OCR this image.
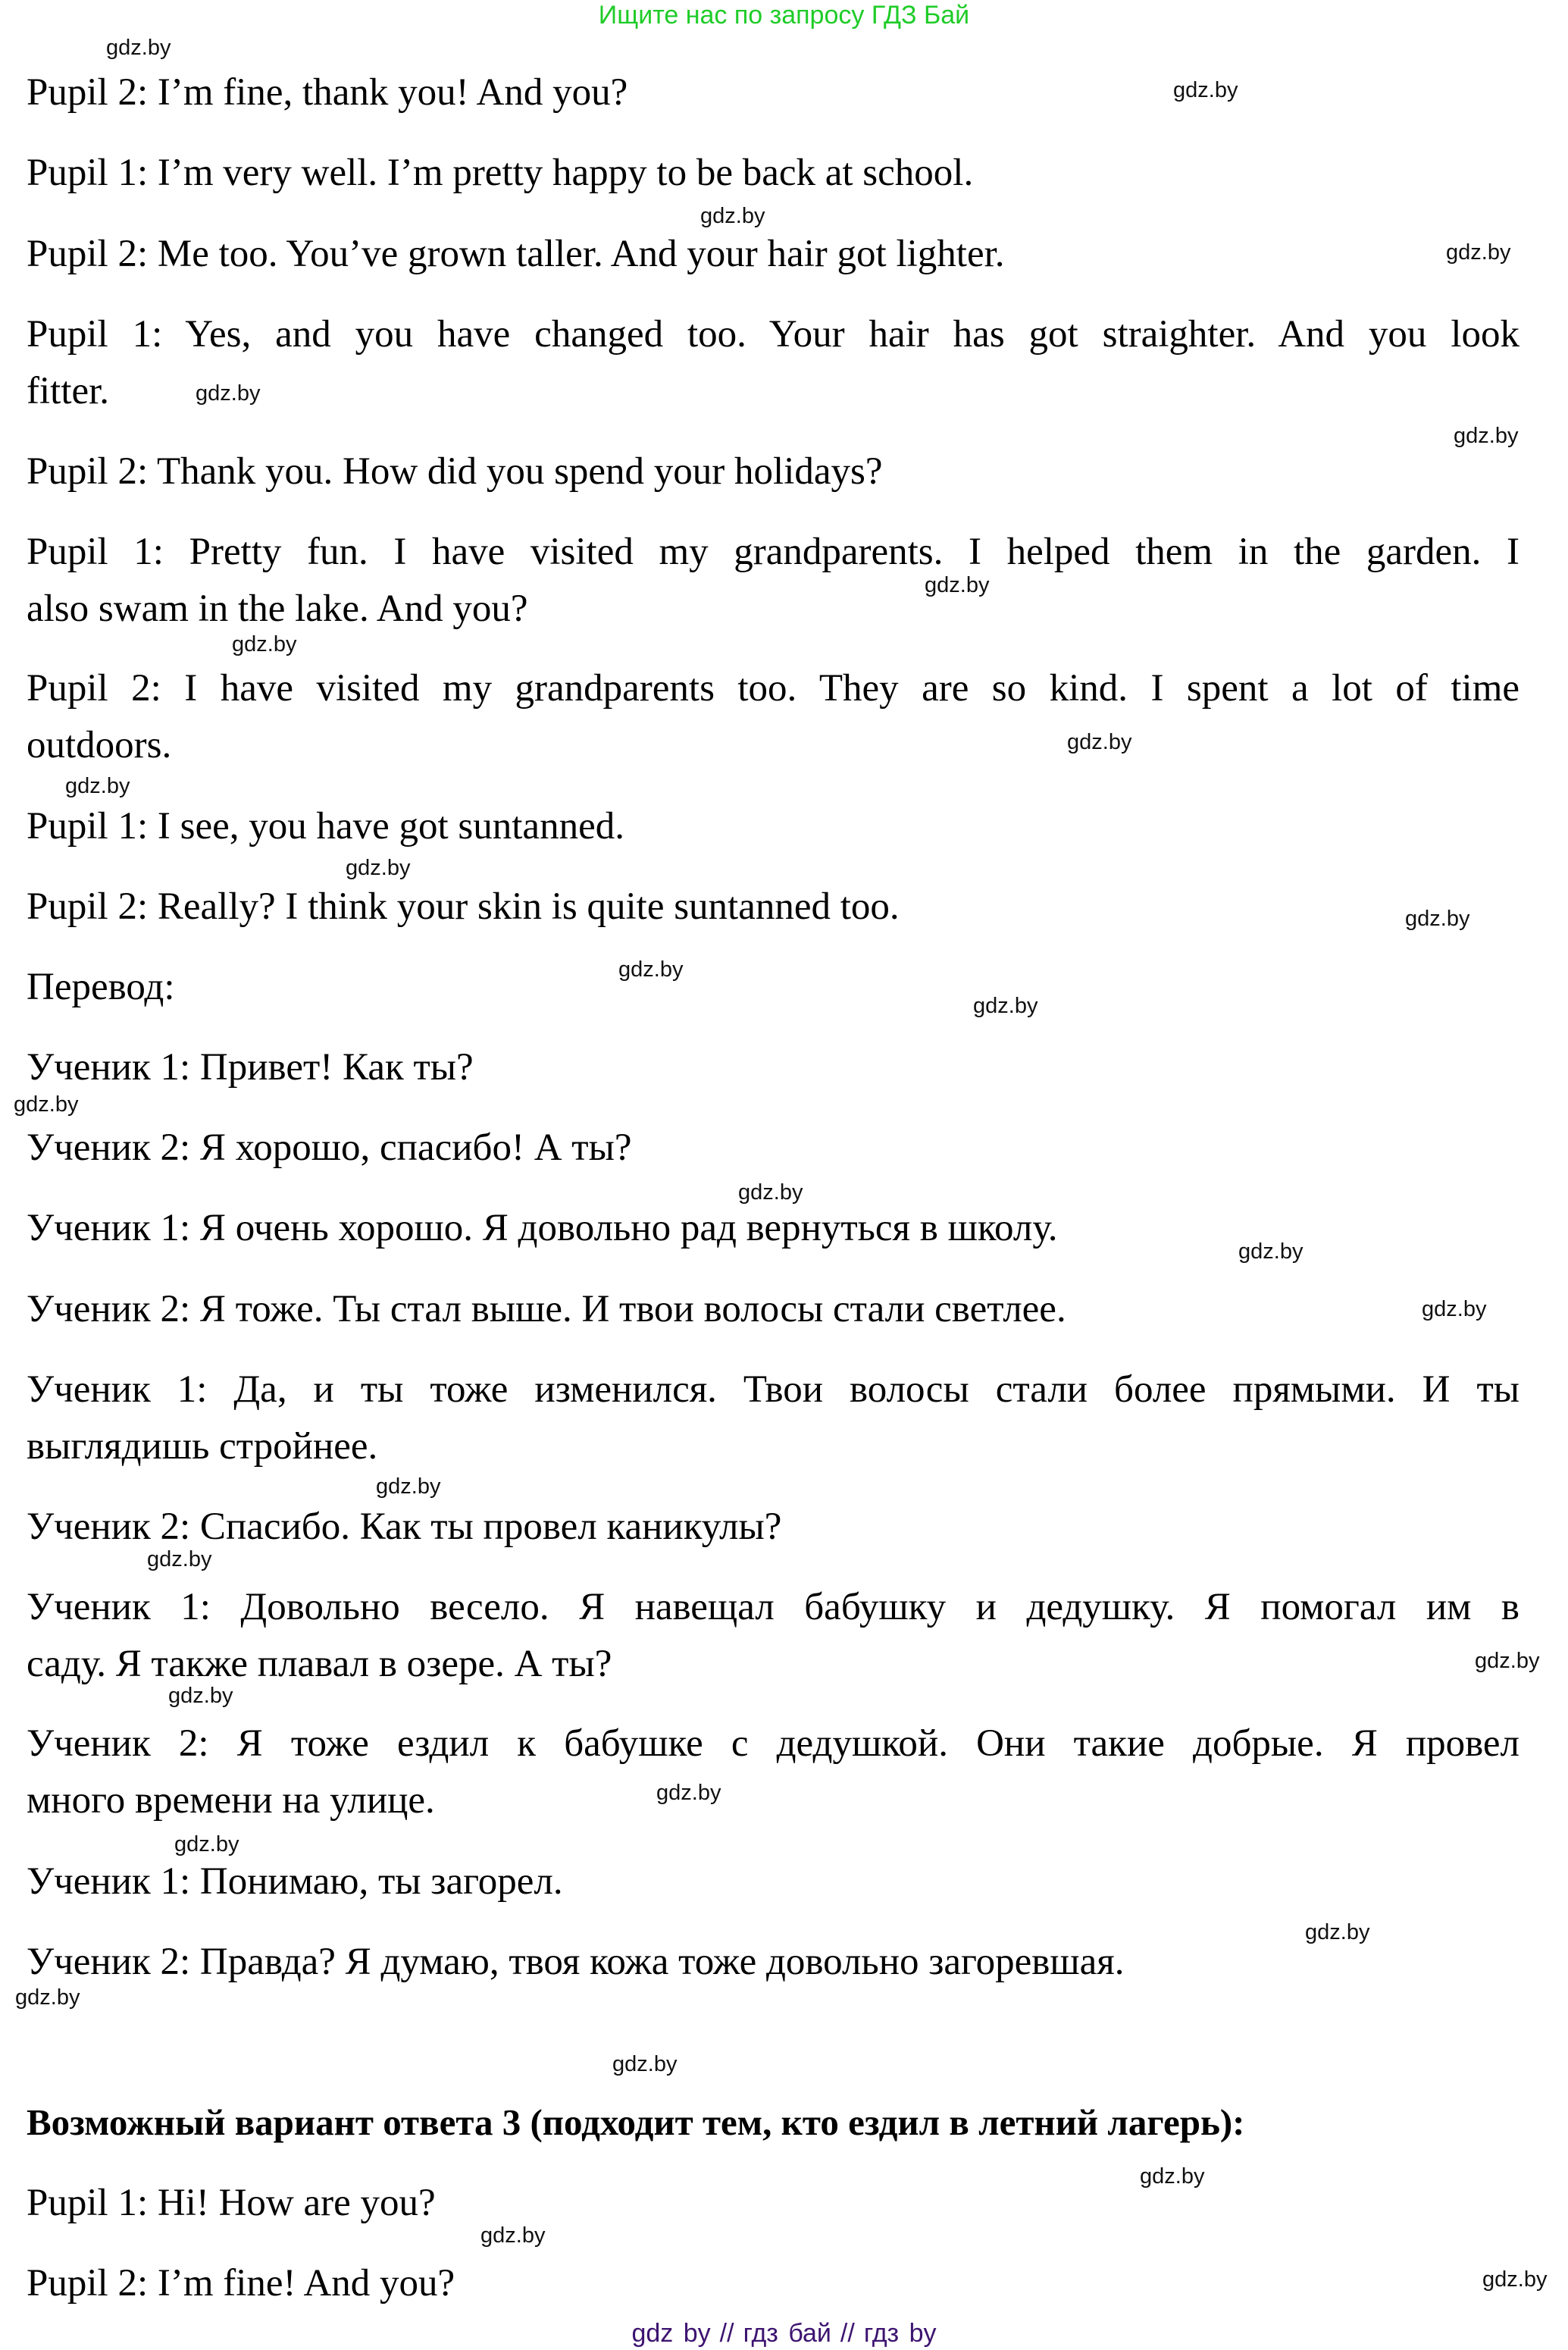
Ищите нас по запросу ГДЗ Бай
Pupil 2: I’m fine, thank you! And you?
Pupil 1: I’m very well. I’m pretty happy to be back at school.
Pupil 2: Me too. You’ve grown taller. And your hair got lighter.
Pupil 1: Yes, and you have changed too. Your hair has got straighter. And you look
fitter.
Pupil 2: Thank you. How did you spend your holidays?
Pupil 1: Pretty fun. I have visited my grandparents. I helped them in the garden. I
also swam in the lake. And you?
Pupil 2: I have visited my grandparents too. They are so kind. I spent a lot of time
outdoors.
Pupil 1: I see, you have got suntanned.
Pupil 2: Really? I think your skin is quite suntanned too.
Перевод:
Ученик 1: Привет! Как ты?
Ученик 2: Я хорошо, спасибо! А ты?
Ученик 1: Я очень хорошо. Я довольно рад вернуться в школу.
Ученик 2: Я тоже. Ты стал выше. И твои волосы стали светлее.
Ученик 1: Да, и ты тоже изменился. Твои волосы стали более прямыми. И ты
выглядишь стройнее.
Ученик 2: Спасибо. Как ты провел каникулы?
Ученик 1: Довольно весело. Я навещал бабушку и дедушку. Я помогал им в
саду. Я также плавал в озере. А ты?
Ученик 2: Я тоже ездил к бабушке с дедушкой. Они такие добрые. Я провел
много времени на улице.
Ученик 1: Понимаю, ты загорел.
Ученик 2: Правда? Я думаю, твоя кожа тоже довольно загоревшая.
Возможный вариант ответа 3 (подходит тем, кто ездил в летний лагерь):
Pupil 1: Hi! How are you?
Pupil 2: I’m fine! And you?
gdz.by
gdz.by
gdz.by
gdz.by
gdz.by
gdz.by
gdz.by
gdz.by
gdz.by
gdz.by
gdz.by
gdz.by
gdz.by
gdz.by
gdz.by
gdz.by
gdz.by
gdz.by
gdz.by
gdz.by
gdz.by
gdz.by
gdz.by
gdz.by
gdz.by
gdz.by
gdz.by
gdz.by
gdz.by
gdz.by
gdz by // гдз бай // гдз by
